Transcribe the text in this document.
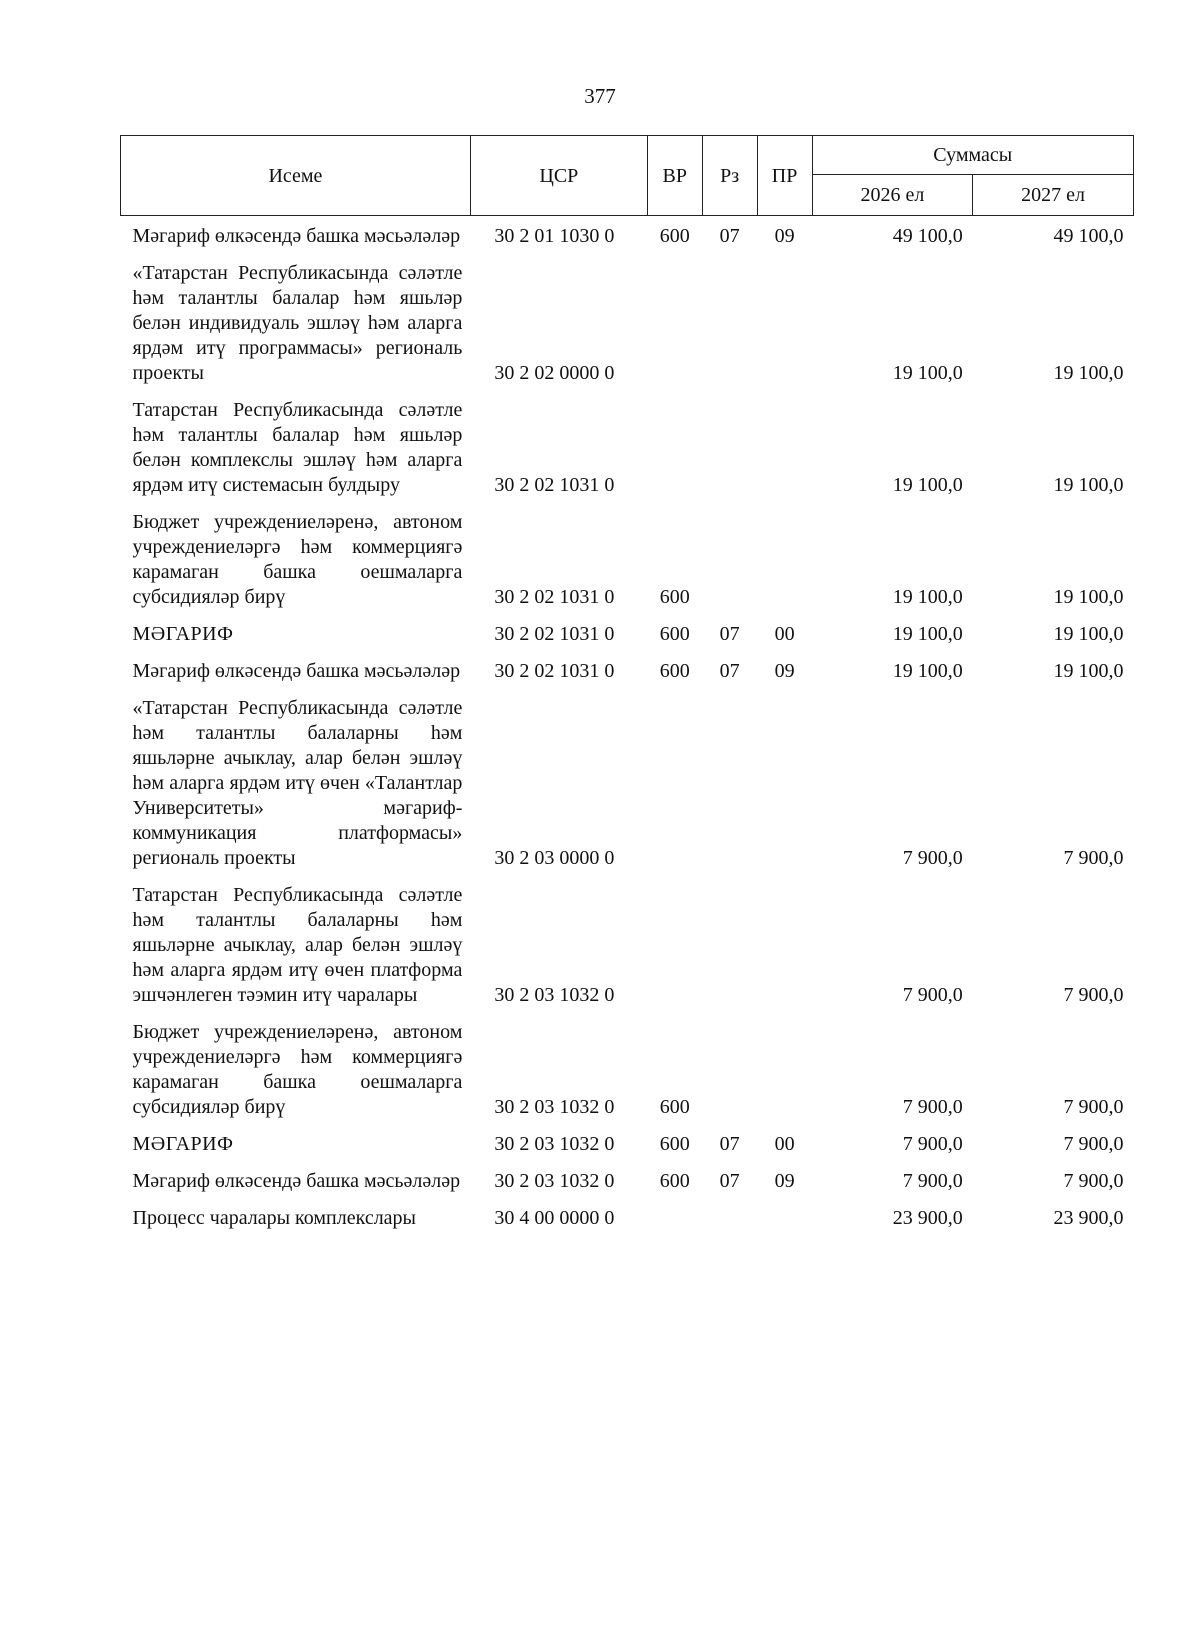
377
Исеме	ЦСР	ВР	Рз	ПР	Суммасы	
					2026 ел	2027 ел
Мәгариф өлкәсендә башка мәсьәләләр	30 2 01 1030 0	600	07	09	49 100,0	49 100,0
«Татарстан Республикасында сәләтле һәм талантлы балалар һәм яшьләр белән индивидуаль эшләү һәм аларга ярдәм итү программасы» региональ проекты	30 2 02 0000 0				19 100,0	19 100,0
Татарстан Республикасында сәләтле һәм талантлы балалар һәм яшьләр белән комплекслы эшләү һәм аларга ярдәм итү системасын булдыру	30 2 02 1031 0				19 100,0	19 100,0
Бюджет учреждениеләренә, автоном учреждениеләргә һәм коммерциягә карамаган башка оешмаларга субсидияләр бирү	30 2 02 1031 0	600			19 100,0	19 100,0
МӘГАРИФ	30 2 02 1031 0	600	07	00	19 100,0	19 100,0
Мәгариф өлкәсендә башка мәсьәләләр	30 2 02 1031 0	600	07	09	19 100,0	19 100,0
«Татарстан Республикасында сәләтле һәм талантлы балаларны һәм яшьләрне ачыклау, алар белән эшләү һәм аларга ярдәм итү өчен «Талантлар Университеты» мәгариф-коммуникация платформасы» региональ проекты	30 2 03 0000 0				7 900,0	7 900,0
Татарстан Республикасында сәләтле һәм талантлы балаларны һәм яшьләрне ачыклау, алар белән эшләү һәм аларга ярдәм итү өчен платформа эшчәнлеген тәэмин итү чаралары	30 2 03 1032 0				7 900,0	7 900,0
Бюджет учреждениеләренә, автоном учреждениеләргә һәм коммерциягә карамаган башка оешмаларга субсидияләр бирү	30 2 03 1032 0	600			7 900,0	7 900,0
МӘГАРИФ	30 2 03 1032 0	600	07	00	7 900,0	7 900,0
Мәгариф өлкәсендә башка мәсьәләләр	30 2 03 1032 0	600	07	09	7 900,0	7 900,0
Процесс чаралары комплекслары	30 4 00 0000 0				23 900,0	23 900,0
